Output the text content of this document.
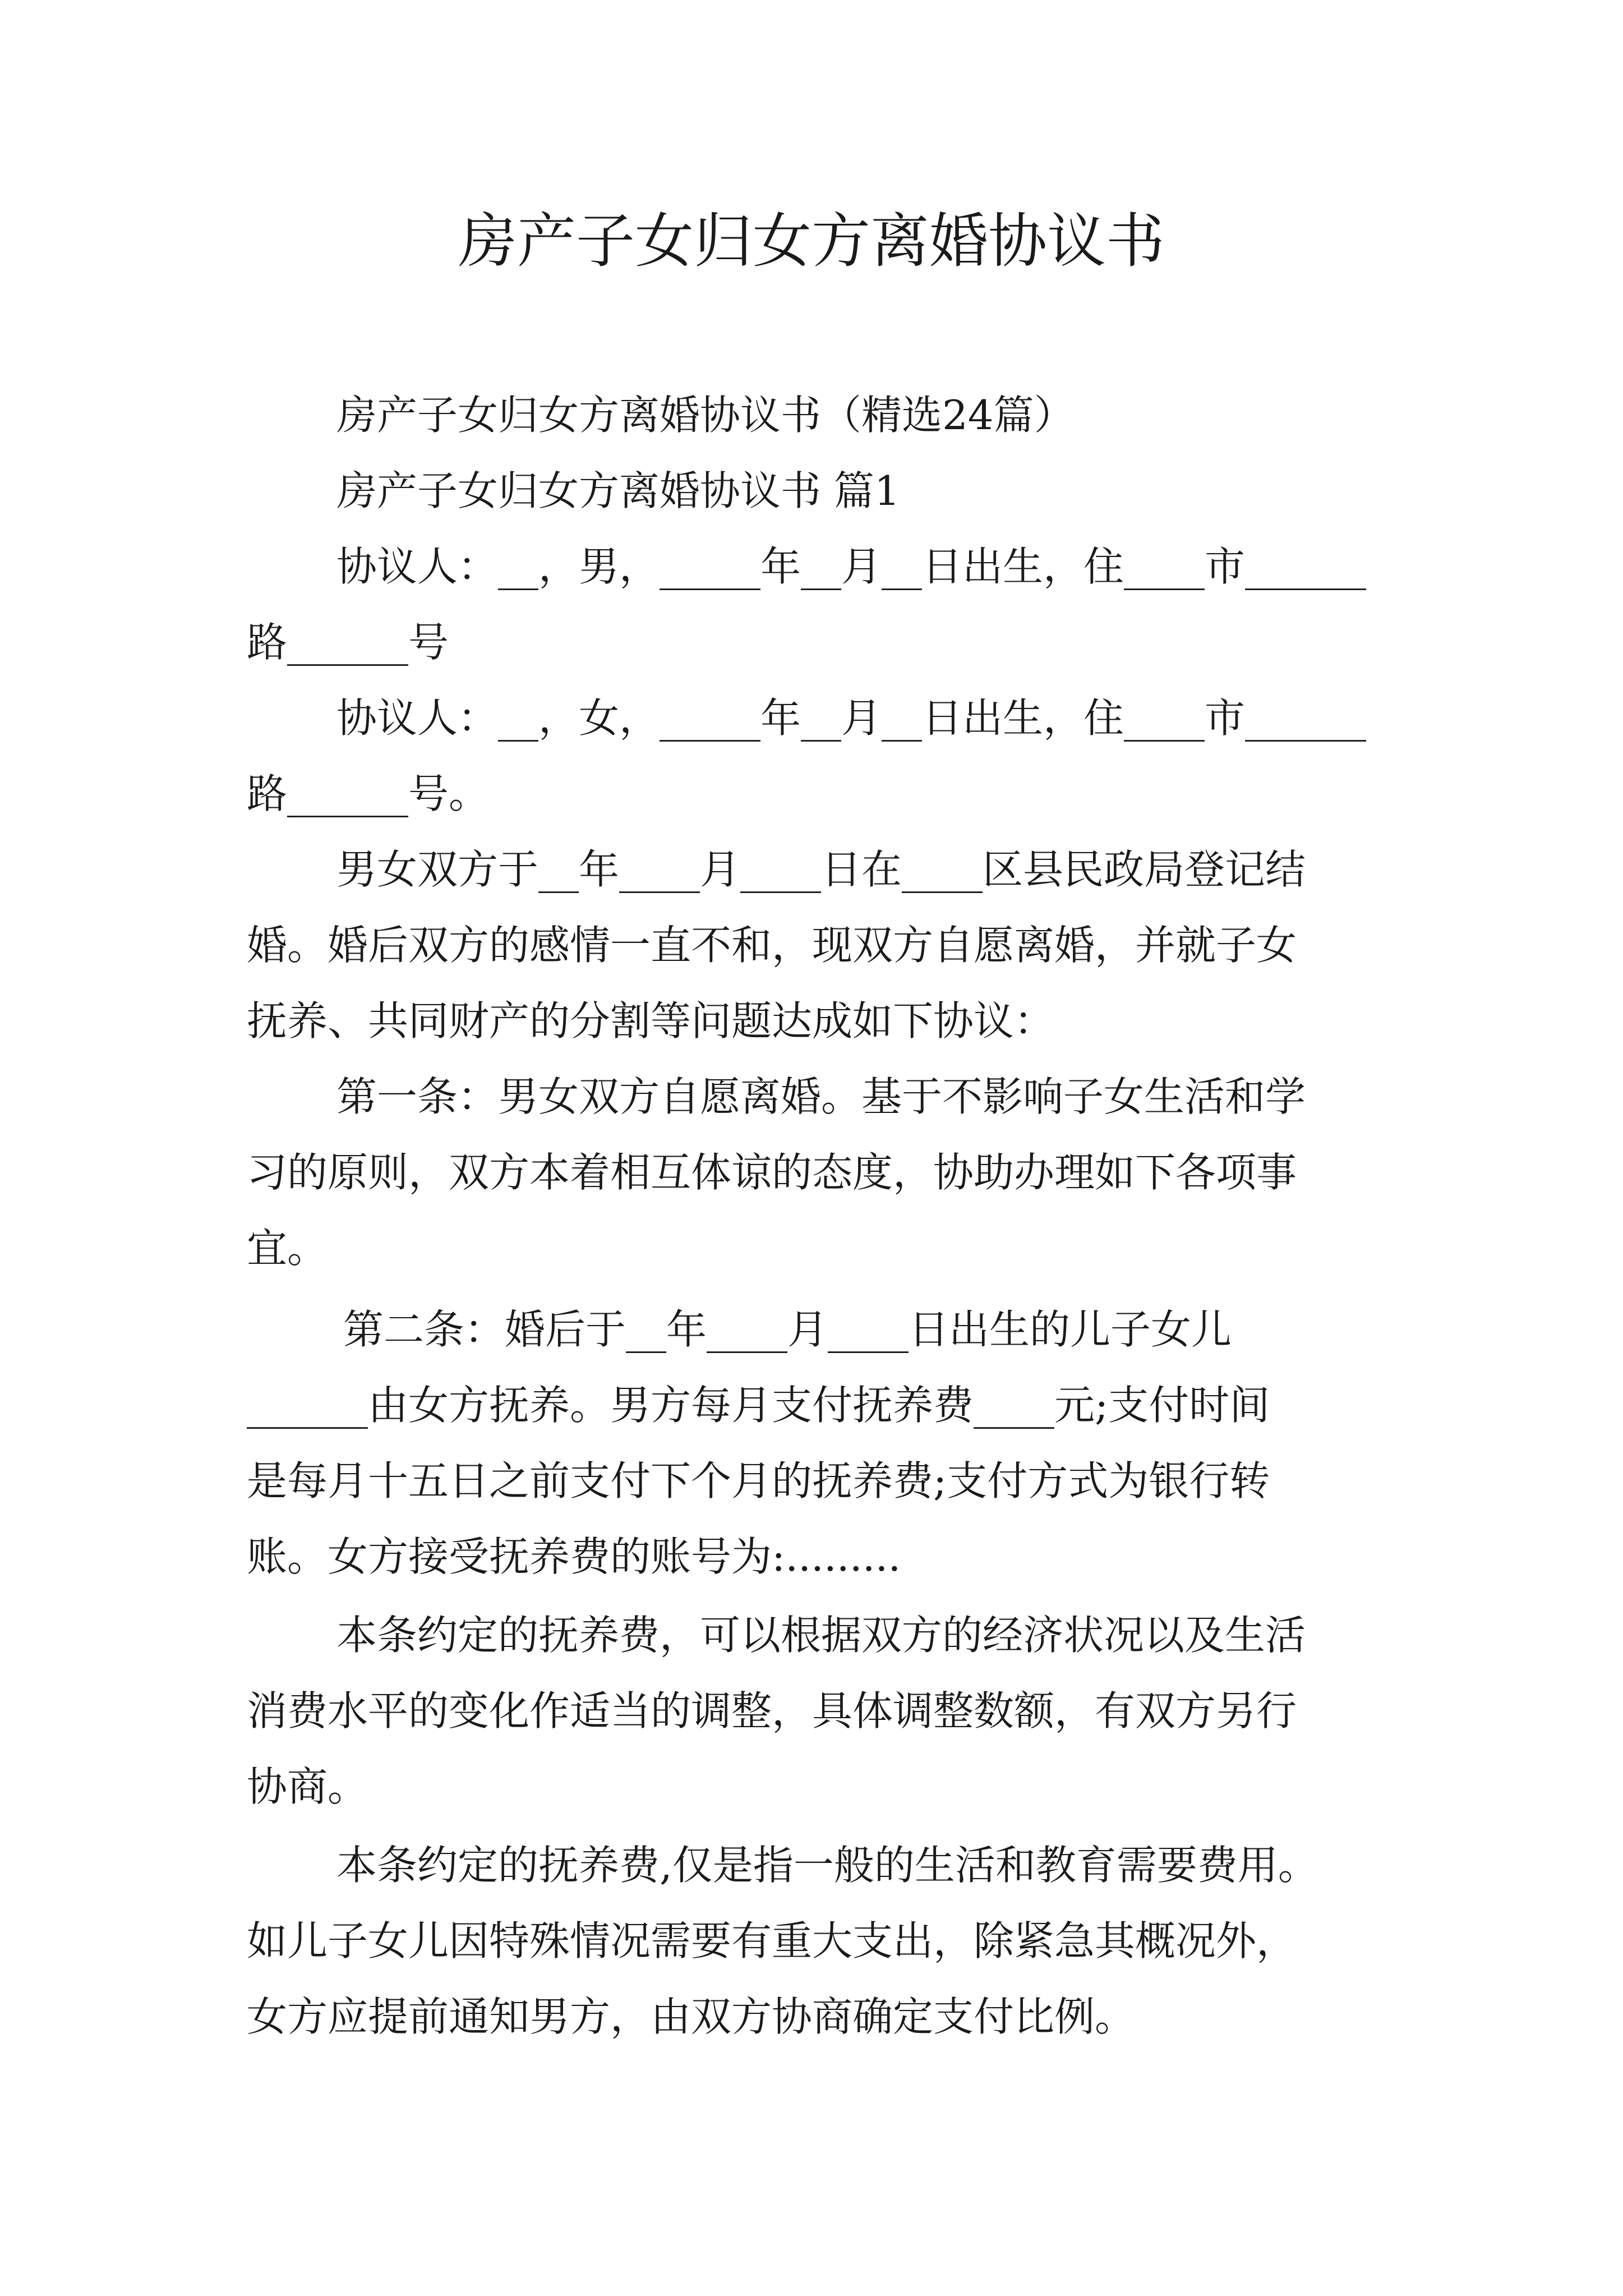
房产子女归女方离婚协议书

房产子女归女方离婚协议书（精选24篇）

房产子女归女方离婚协议书 篇1

协议人：__，男，_____年__月__日出生，住____市______

路______号

协议人：__，女，_____年__月__日出生，住____市______

路______号。

男女双方于__年____月____日在____区县民政局登记结

婚。婚后双方的感情一直不和，现双方自愿离婚，并就子女

抚养、共同财产的分割等问题达成如下协议：

第一条：男女双方自愿离婚。基于不影响子女生活和学

习的原则，双方本着相互体谅的态度，协助办理如下各项事

宜。

第二条：婚后于__年____月____日出生的儿子女儿

______由女方抚养。男方每月支付抚养费____元;支付时间

是每月十五日之前支付下个月的抚养费;支付方式为银行转

账。女方接受抚养费的账号为:.........

本条约定的抚养费，可以根据双方的经济状况以及生活

消费水平的变化作适当的调整，具体调整数额，有双方另行

协商。

本条约定的抚养费,仅是指一般的生活和教育需要费用。

如儿子女儿因特殊情况需要有重大支出，除紧急其概况外，

女方应提前通知男方，由双方协商确定支付比例。
